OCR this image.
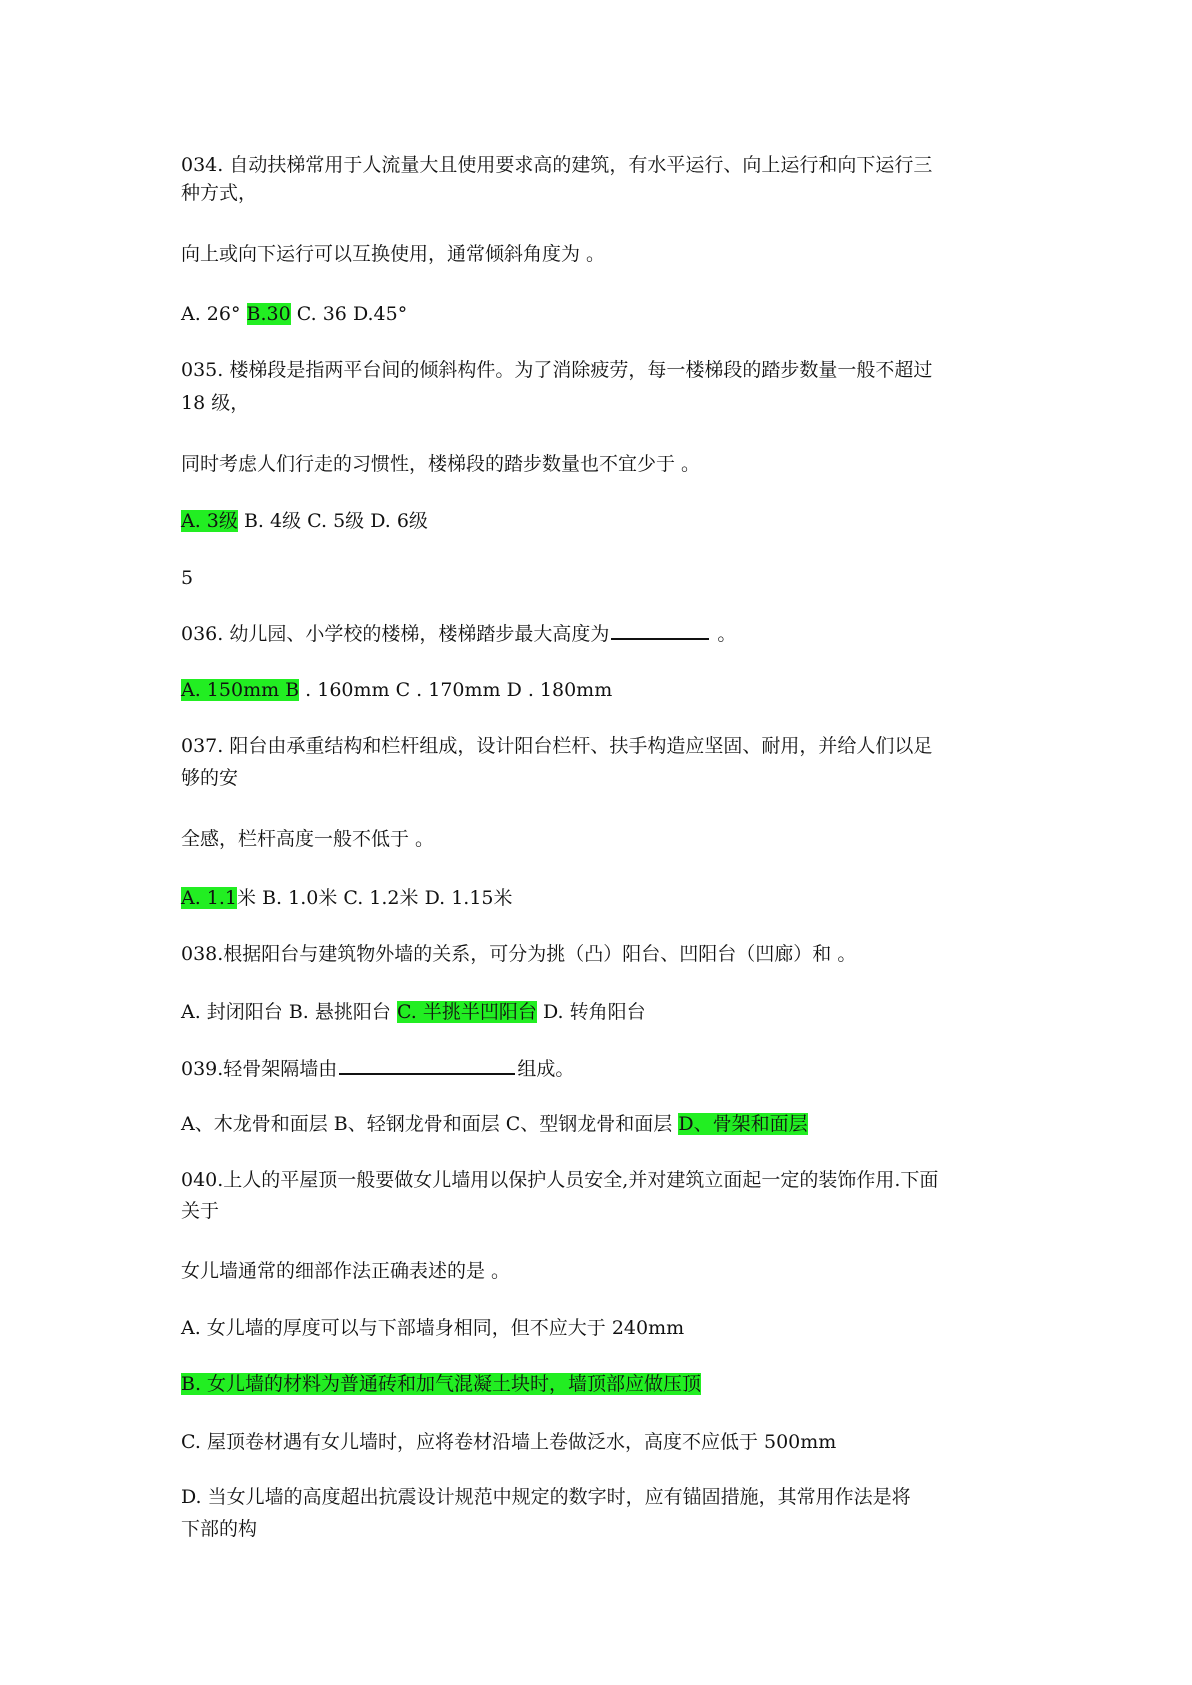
034. 自动扶梯常用于人流量大且使用要求高的建筑，有水平运行、向上运行和向下运行三
种方式，
向上或向下运行可以互换使用，通常倾斜角度为 。
A. 26° B.30 C. 36 D.45°
035. 楼梯段是指两平台间的倾斜构件。为了消除疲劳，每一楼梯段的踏步数量一般不超过
18 级，
同时考虑人们行走的习惯性，楼梯段的踏步数量也不宜少于 。
A. 3级 B. 4级 C. 5级 D. 6级
5
036. 幼儿园、小学校的楼梯，楼梯踏步最大高度为	。
A. 150mm B . 160mm C . 170mm D . 180mm
037. 阳台由承重结构和栏杆组成，设计阳台栏杆、扶手构造应坚固、耐用，并给人们以足
够的安
全感，栏杆高度一般不低于 。
A. 1.1米 B. 1.0米 C. 1.2米 D. 1.15米
038.根据阳台与建筑物外墙的关系，可分为挑（凸）阳台、凹阳台（凹廊）和 。
A. 封闭阳台 B. 悬挑阳台 C. 半挑半凹阳台 D. 转角阳台
039.轻骨架隔墙由	组成。
A、木龙骨和面层 B、轻钢龙骨和面层 C、型钢龙骨和面层 D、骨架和面层
040.上人的平屋顶一般要做女儿墙用以保护人员安全,并对建筑立面起一定的装饰作用.下面
关于
女儿墙通常的细部作法正确表述的是 。
A. 女儿墙的厚度可以与下部墙身相同，但不应大于 240mm
B. 女儿墙的材料为普通砖和加气混凝土块时，墙顶部应做压顶
C. 屋顶卷材遇有女儿墙时，应将卷材沿墙上卷做泛水，高度不应低于 500mm
D. 当女儿墙的高度超出抗震设计规范中规定的数字时，应有锚固措施，其常用作法是将
下部的构
